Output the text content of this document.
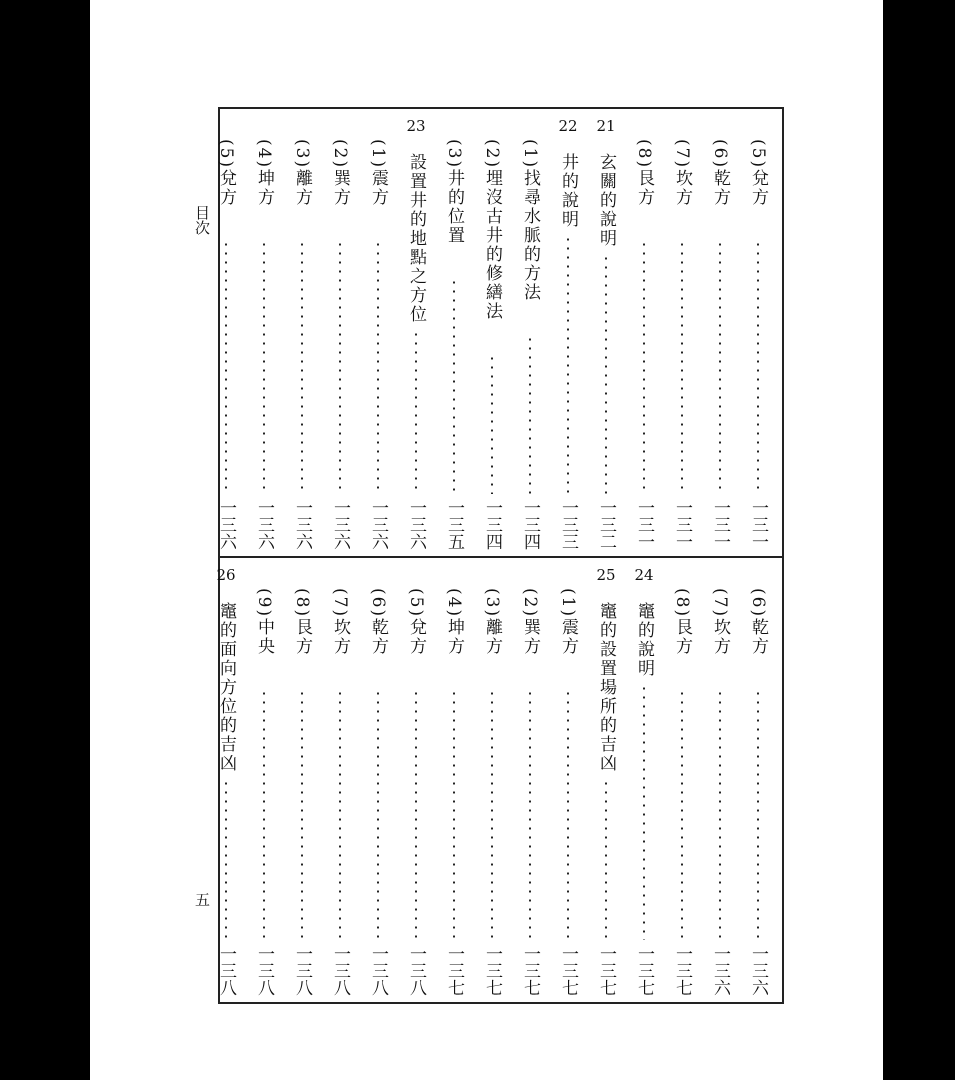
目次
五
(5)兌方
一三一
(6)乾方
一三一
(7)坎方
一三一
(8)艮方
一三一
21
玄關的說明
一三二
22
井的說明
一三三
(1)找尋水脈的方法
一三四
(2)埋沒古井的修繕法
一三四
(3)井的位置
一三五
23
設置井的地點之方位
一三六
(1)震方
一三六
(2)巽方
一三六
(3)離方
一三六
(4)坤方
一三六
(5)兌方
一三六
(6)乾方
一三六
(7)坎方
一三六
(8)艮方
一三七
24
竈的說明
一三七
25
竈的設置場所的吉凶
一三七
(1)震方
一三七
(2)巽方
一三七
(3)離方
一三七
(4)坤方
一三七
(5)兌方
一三八
(6)乾方
一三八
(7)坎方
一三八
(8)艮方
一三八
(9)中央
一三八
26
竈的面向方位的吉凶
一三八
